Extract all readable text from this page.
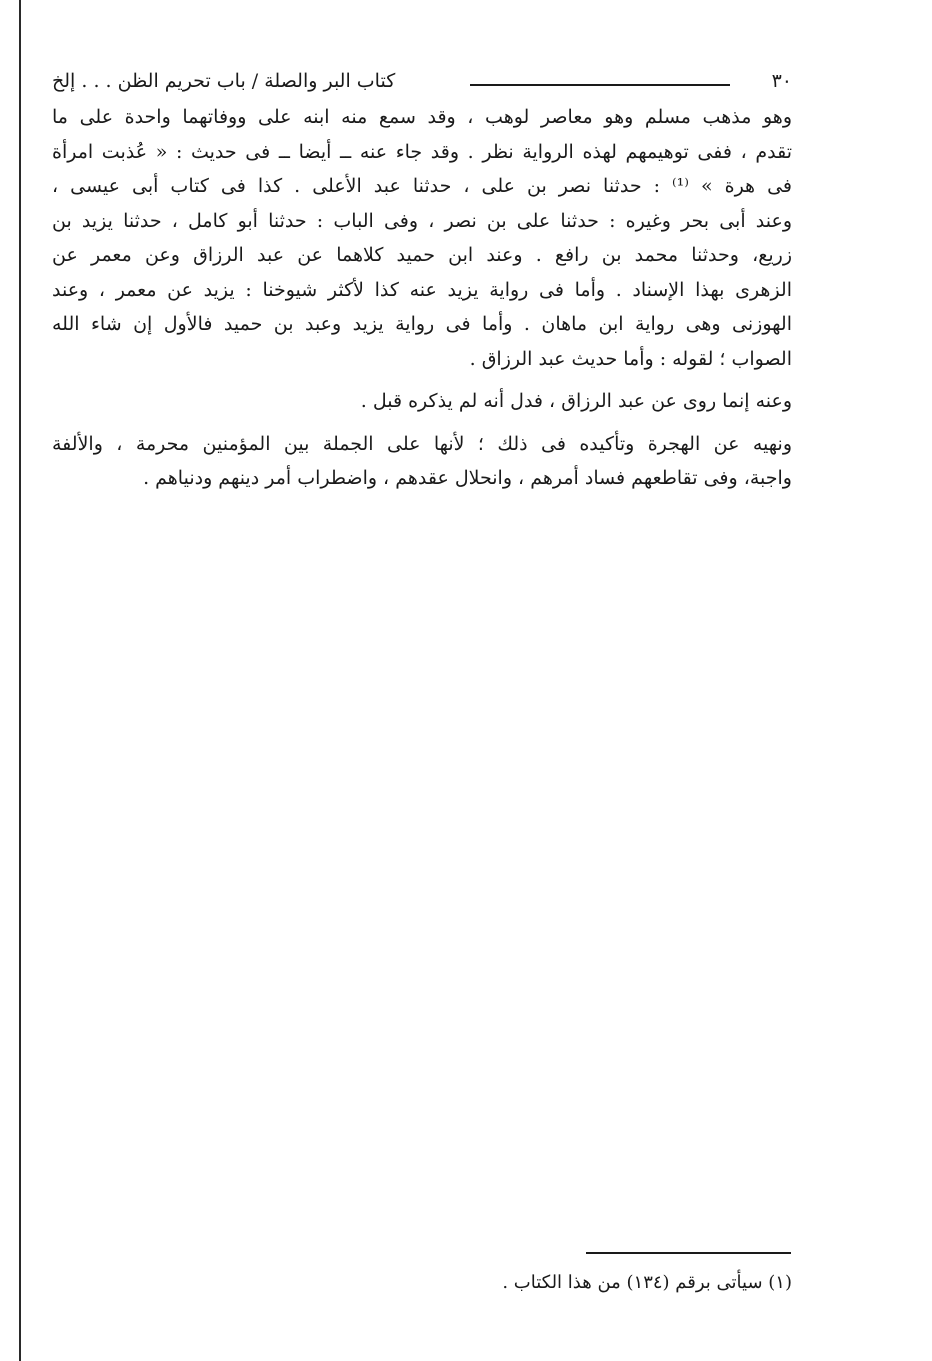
٣٠
كتاب البر والصلة / باب تحريم الظن . . . إلخ

وهو مذهب مسلم وهو معاصر لوهب ، وقد سمع منه ابنه على ووفاتهما واحدة على ما
تقدم ، ففى توهيمهم لهذه الرواية نظر . وقد جاء عنه ــ أيضا ــ فى حديث : « عُذبت امرأة
فى هرة » ⁽¹⁾ : حدثنا نصر بن على ، حدثنا عبد الأعلى . كذا فى كتاب أبى عيسى ،
وعند أبى بحر وغيره : حدثنا على بن نصر ، وفى الباب : حدثنا أبو كامل ، حدثنا يزيد بن
زريع، وحدثنا محمد بن رافع . وعند ابن حميد كلاهما عن عبد الرزاق وعن معمر عن
الزهرى بهذا الإسناد . وأما فى رواية يزيد عنه كذا لأكثر شيوخنا : يزيد عن معمر ، وعند
الهوزنى وهى رواية ابن ماهان . وأما فى رواية يزيد وعبد بن حميد فالأول إن شاء الله
الصواب ؛ لقوله : وأما حديث عبد الرزاق .

وعنه إنما روى عن عبد الرزاق ، فدل أنه لم يذكره قبل .

ونهيه عن الهجرة وتأكيده فى ذلك ؛ لأنها على الجملة بين المؤمنين محرمة ، والألفة
واجبة، وفى تقاطعهم فساد أمرهم ، وانحلال عقدهم ، واضطراب أمر دينهم ودنياهم .

(١) سيأتى برقم (١٣٤) من هذا الكتاب .
